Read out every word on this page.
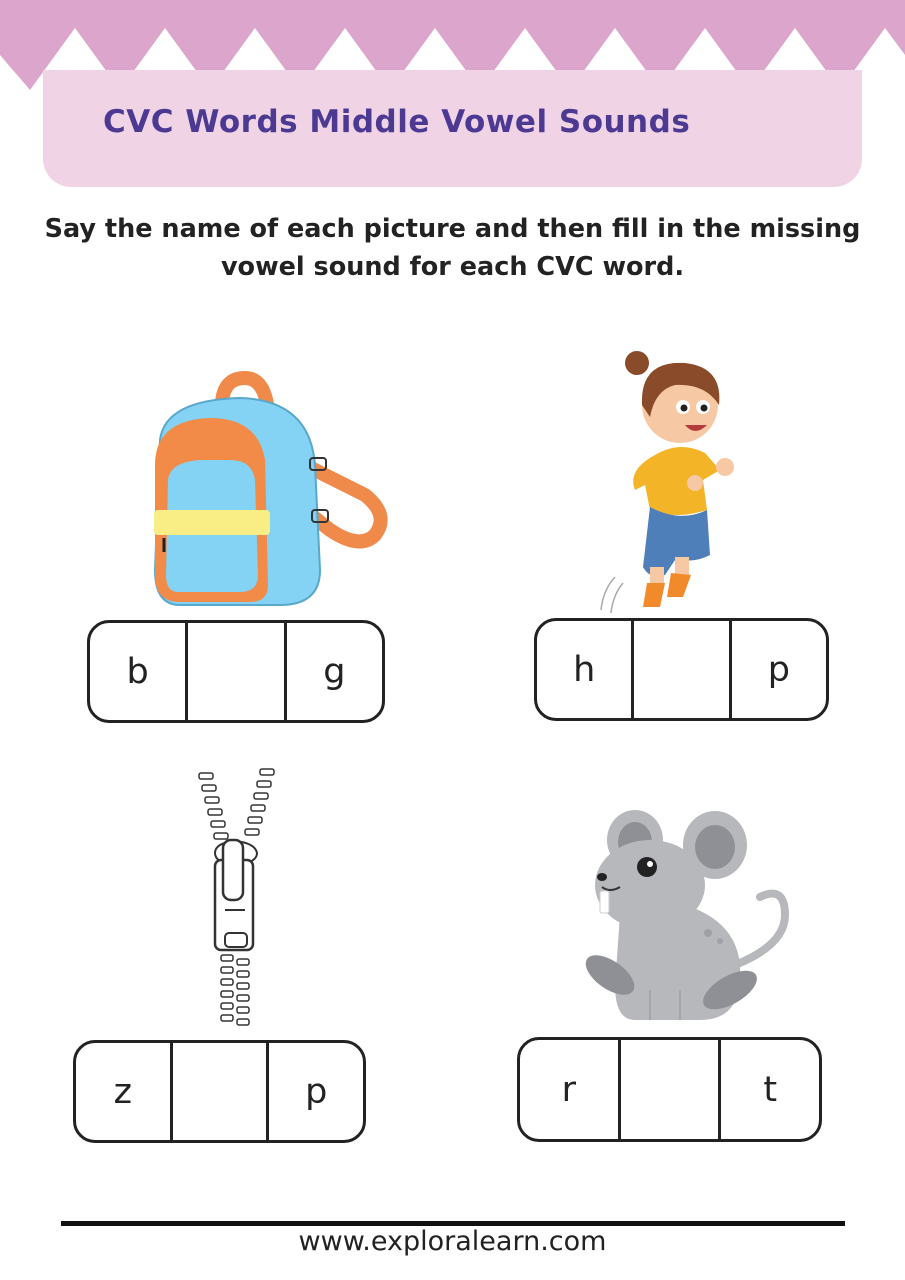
CVC Words Middle Vowel Sounds
Say the name of each picture and then fill in the missing vowel sound for each CVC word.
b	g	h	p
z	p	r	t
www.exploralearn.com
